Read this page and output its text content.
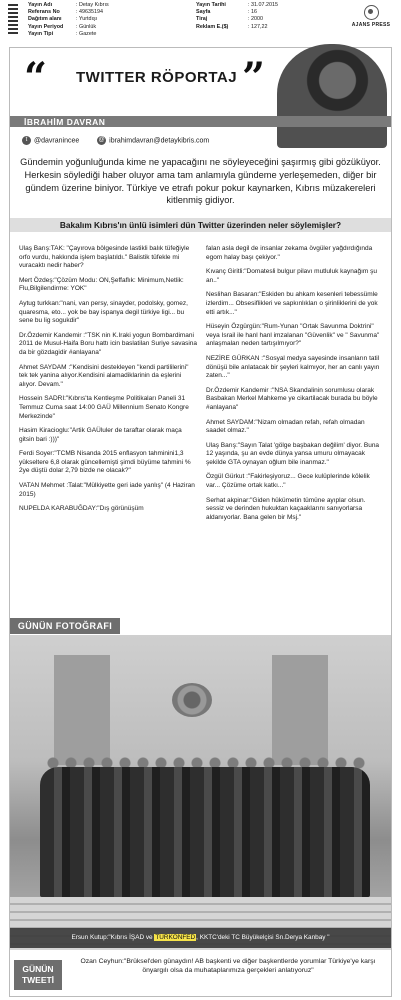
Yayın Adı	: Detay Kıbrıs
Referans No	: 49635194
Dağıtım alanı	: Yurtdışı
Yayın Periyod : Günlük
Yayın Tipi	: Gazete
Yayın Tarihi	: 31.07.2015
Sayfa	: 16
Tiraj	: 2000
Reklam E.($)	: 127,22	AJANS PRESS
“ TWITTER RÖPORTAJ ”
İBRAHİM DAVRAN
t @davranincee	@ ibrahimdavran@detaykibris.com
Gündemin yoğunluğunda kime ne yapacağını ne söyleyeceğini şaşırmış gibi gözüküyor. Herkesin söylediği haber oluyor ama tam anlamıyla gündeme yerleşemeden, diğer bir gündem üzerine biniyor. Türkiye ve etrafı pokur pokur kaynarken, Kıbrıs müzakereleri kitlenmiş gidiyor.
Bakalım Kıbrıs'ın ünlü isimleri dün Twitter üzerinden neler söylemişler?

Ulaş Barış:TAK: "Çayırova bölgesinde lastikli balık tüfeğiyle orfo vurdu, hakkında işlem başlatıldı." Balistik tüfekle mi vuracaktı nedir haber?

Mert Özdeş:"Çözüm Modu: ON,Şeffaflık: Minimum,Netlik: Flu,Bilgilendirme: YOK"

Aytug turkkan:"nani, van persy, sinayder, podolsky, gomez, quaresma, eto... yok be bay ispanya degil türkiye ligi... bu sene bu lig sogukdir"

Dr.Özdemir Kandemir :"TSK nin K.Iraki yogun Bombardimani 2011 de Musul-Haifa Boru hattı icin baslatilan Suriye savasina da bir gözdagidir #anlayana"

Ahmet SAYDAM :"Kendisini destekleyen "kendi partililerini" tek tek yanina alıyor.Kendisini alamadiklarinin da eşlerini alıyor. Devam."

Hossein SADRI:"Kıbrıs'ta Kentleşme Politikaları Paneli 31 Temmuz Cuma saat 14:00 GAÜ Millennium Senato Kongre Merkezinde"

Hasim Kiracioglu:"Artik GAÜluler de taraftar olarak maça gitsin bari :)))"

Ferdi Soyer:"TCMB Nisanda 2015 enflasyon tahminini1,3 yükseltere 6,8 olarak güncellemişti şimdi büyüme tahmini % 2ye düştü dolar 2,79 bizde ne olacak?"

VATAN Mehmet :Talat:"Mülkiyette geri iade yanlış" (4 Haziran 2015)

NUPELDA KARABUĞDAY:"Dış görünüşüm

falan asla degil de insanlar zekama övgüler yağdırdığında egom halay başı çekiyor."

Kıvanç Giritli:"Domatesli bulgur pilavı mutluluk kaynağım şu an.."

Neslihan Basaran:"Eskiden bu ahkam kesenleri tebessümle izlerdim... Obsesiflikleri ve sapkınlıkları o şirinliklerini de yok etti artık..."

Hüseyin Özgürgün:"Rum-Yunan "Ortak Savunma Doktrini" veya Israil ile hanl hanl imzalanan "Güvenlik" ve " Savunma" anlaşmaları neden tartışılmıyor?"

NEZİRE GÜRKAN :"Sosyal medya sayesinde insanların tatil dönüşü bile anlatacak bir şeyleri kalmıyor, her an canlı yayın zaten..."

Dr.Özdemir Kandemir :"NSA Skandalinin sorumlusu olarak Basbakan Merkel Mahkeme ye cikartilacak burada bu böyle #anlayana"

Ahmet SAYDAM:"Nizam olmadan refah, refah olmadan saadet olmaz."

Ulaş Barış:"Sayın Talat 'gölge başbakan değilim' diyor. Buna 12 yaşında, şu an evde dünya yansa umuru olmayacak şekilde GTA oynayan oğlum bile inanmaz."

Özgül Gürkut :"Fakirleşiyoruz... Gece kulüplerinde kölelik var... Çözüme ortak katkı..."

Serhat akpinar:"Giden hükümetin tümüne ayıplar olsun. sessiz ve derinden hukuktan kaçaaklarını sanıyorlarsa aldanıyorlar. Bana gelen bir Msj."

GÜNÜN FOTOĞRAFI
Ersun Kutup:"Kıbrıs İŞAD ve TURKONFED, KKTC'deki TC Büyükelçisi Sn.Derya Kanbay "
GÜNÜN TWEETİ
Ozan Ceyhun:"Brüksel'den günaydın! AB başkenti ve diğer başkentlerde yorumlar Türkiye'ye karşı önyargılı olsa da muhataplarımıza gerçekleri anlatıyoruz"
